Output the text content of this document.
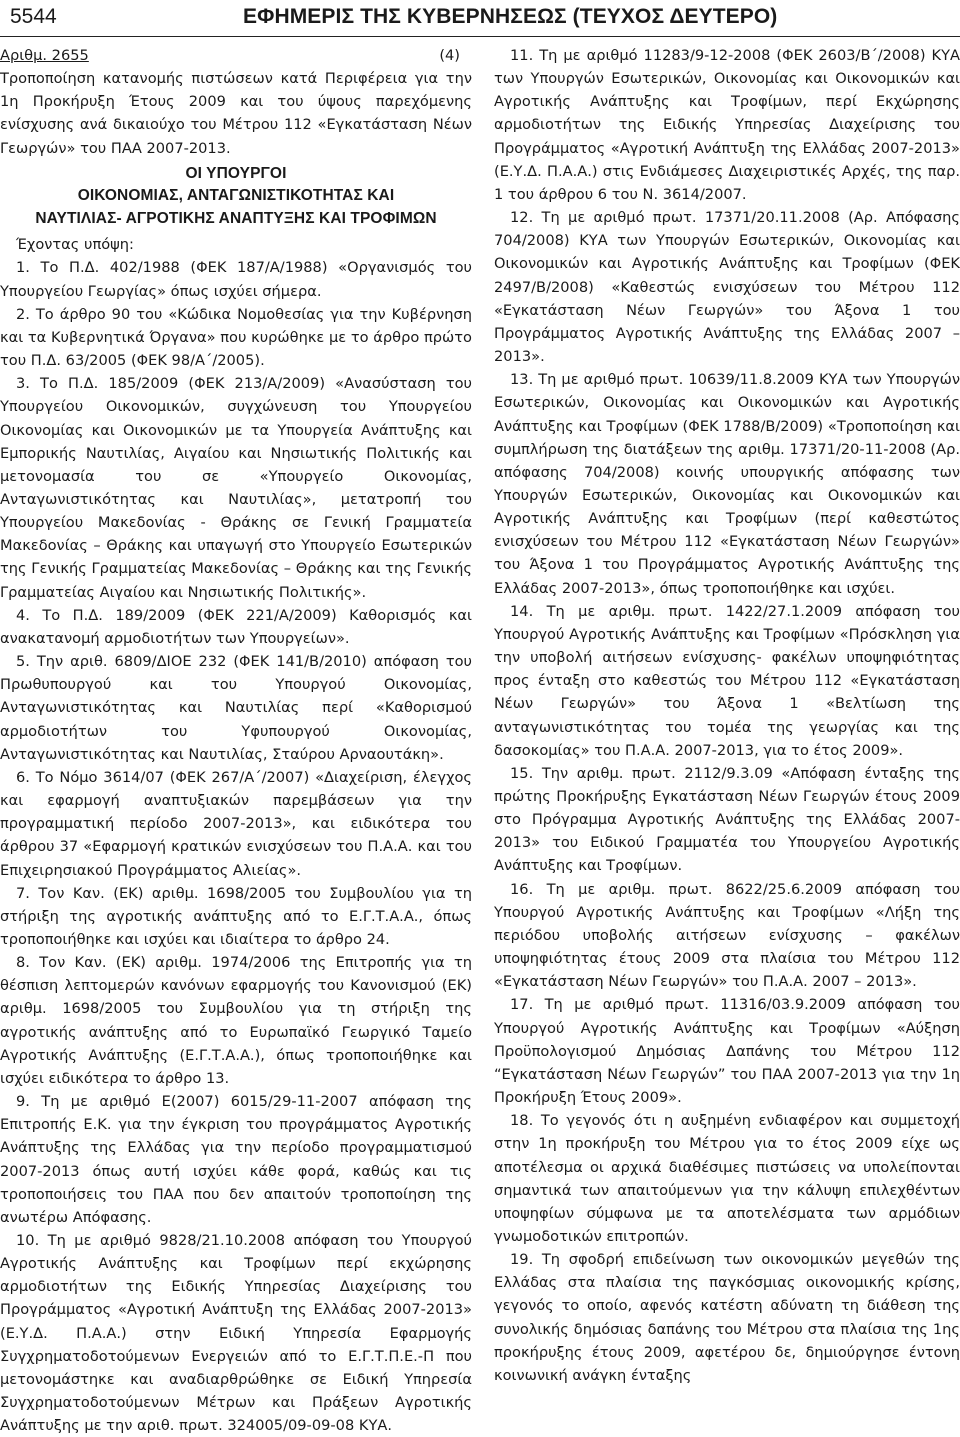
5544	ΕΦΗΜΕΡΙΣ ΤΗΣ ΚΥΒΕΡΝΗΣΕΩΣ (ΤΕΥΧΟΣ ΔΕΥΤΕΡΟ)

Αριθμ. 2655	(4)

Τροποποίηση κατανομής πιστώσεων κατά Περιφέρεια για την 1η Προκήρυξη Έτους 2009 και του ύψους παρεχόμενης ενίσχυσης ανά δικαιούχο του Μέτρου 112 «Εγκατάσταση Νέων Γεωργών» του ΠΑΑ 2007-2013.

ΟΙ ΥΠΟΥΡΓΟΙ
ΟΙΚΟΝΟΜΙΑΣ, ΑΝΤΑΓΩΝΙΣΤΙΚΟΤΗΤΑΣ ΚΑΙ
ΝΑΥΤΙΛΙΑΣ- ΑΓΡΟΤΙΚΗΣ ΑΝΑΠΤΥΞΗΣ ΚΑΙ ΤΡΟΦΙΜΩΝ

Έχοντας υπόψη:

1. Το Π.Δ. 402/1988 (ΦΕΚ 187/Α/1988) «Οργανισμός του Υπουργείου Γεωργίας» όπως ισχύει σήμερα.

2. Το άρθρο 90 του «Κώδικα Νομοθεσίας για την Κυβέρνηση και τα Κυβερνητικά Όργανα» που κυρώθηκε με το άρθρο πρώτο του Π.Δ. 63/2005 (ΦΕΚ 98/Α΄/2005).

3. Το Π.Δ. 185/2009 (ΦΕΚ 213/Α/2009) «Ανασύσταση του Υπουργείου Οικονομικών, συγχώνευση του Υπουργείου Οικονομίας και Οικονομικών με τα Υπουργεία Ανάπτυξης και Εμπορικής Ναυτιλίας, Αιγαίου και Νησιωτικής Πολιτικής και μετονομασία του σε «Υπουργείο Οικονομίας, Ανταγωνιστικότητας και Ναυτιλίας», μετατροπή του Υπουργείου Μακεδονίας - Θράκης σε Γενική Γραμματεία Μακεδονίας – Θράκης και υπαγωγή στο Υπουργείο Εσωτερικών της Γενικής Γραμματείας Μακεδονίας – Θράκης και της Γενικής Γραμματείας Αιγαίου και Νησιωτικής Πολιτικής».

4. Το Π.Δ. 189/2009 (ΦΕΚ 221/Α/2009) Καθορισμός και ανακατανομή αρμοδιοτήτων των Υπουργείων».

5. Την αριθ. 6809/ΔΙΟΕ 232 (ΦΕΚ 141/Β/2010) απόφαση του Πρωθυπουργού και του Υπουργού Οικονομίας, Ανταγωνιστικότητας και Ναυτιλίας περί «Καθορισμού αρμοδιοτήτων του Υφυπουργού Οικονομίας, Ανταγωνιστικότητας και Ναυτιλίας, Σταύρου Αρναουτάκη».

6. Το Νόμο 3614/07 (ΦΕΚ 267/Α΄/2007) «Διαχείριση, έλεγχος και εφαρμογή αναπτυξιακών παρεμβάσεων για την προγραμματική περίοδο 2007-2013», και ειδικότερα του άρθρου 37 «Εφαρμογή κρατικών ενισχύσεων του Π.Α.Α. και του Επιχειρησιακού Προγράμματος Αλιείας».

7. Τον Καν. (ΕΚ) αριθμ. 1698/2005 του Συμβουλίου για τη στήριξη της αγροτικής ανάπτυξης από το Ε.Γ.Τ.Α.Α., όπως τροποποιήθηκε και ισχύει και ιδιαίτερα το άρθρο 24.

8. Τον Καν. (ΕΚ) αριθμ. 1974/2006 της Επιτροπής για τη θέσπιση λεπτομερών κανόνων εφαρμογής του Κανονισμού (ΕΚ) αριθμ. 1698/2005 του Συμβουλίου για τη στήριξη της αγροτικής ανάπτυξης από το Ευρωπαϊκό Γεωργικό Ταμείο Αγροτικής Ανάπτυξης (Ε.Γ.Τ.Α.Α.), όπως τροποποιήθηκε και ισχύει ειδικότερα το άρθρο 13.

9. Τη με αριθμό Ε(2007) 6015/29-11-2007 απόφαση της Επιτροπής Ε.Κ. για την έγκριση του προγράμματος Αγροτικής Ανάπτυξης της Ελλάδας για την περίοδο προγραμματισμού 2007-2013 όπως αυτή ισχύει κάθε φορά, καθώς και τις τροποποιήσεις του ΠΑΑ που δεν απαιτούν τροποποίηση της ανωτέρω Απόφασης.

10. Τη με αριθμό 9828/21.10.2008 απόφαση του Υπουργού Αγροτικής Ανάπτυξης και Τροφίμων περί εκχώρησης αρμοδιοτήτων της Ειδικής Υπηρεσίας Διαχείρισης του Προγράμματος «Αγροτική Ανάπτυξη της Ελλάδας 2007-2013» (Ε.Υ.Δ. Π.Α.Α.) στην Ειδική Υπηρεσία Εφαρμογής Συγχρηματοδοτούμενων Ενεργειών από το Ε.Γ.Τ.Π.Ε.-Π που μετονομάστηκε και αναδιαρθρώθηκε σε Ειδική Υπηρεσία Συγχρηματοδοτούμενων Μέτρων και Πράξεων Αγροτικής Ανάπτυξης με την αριθ. πρωτ. 324005/09-09-08 ΚΥΑ.

11. Τη με αριθμό 11283/9-12-2008 (ΦΕΚ 2603/Β΄/2008) ΚΥΑ των Υπουργών Εσωτερικών, Οικονομίας και Οικονομικών και Αγροτικής Ανάπτυξης και Τροφίμων, περί Εκχώρησης αρμοδιοτήτων της Ειδικής Υπηρεσίας Διαχείρισης του Προγράμματος «Αγροτική Ανάπτυξη της Ελλάδας 2007-2013» (Ε.Υ.Δ. Π.Α.Α.) στις Ενδιάμεσες Διαχειριστικές Αρχές, της παρ. 1 του άρθρου 6 του Ν. 3614/2007.

12. Τη με αριθμό πρωτ. 17371/20.11.2008 (Αρ. Απόφασης 704/2008) ΚΥΑ των Υπουργών Εσωτερικών, Οικονομίας και Οικονομικών και Αγροτικής Ανάπτυξης και Τροφίμων (ΦΕΚ 2497/Β/2008) «Καθεστώς ενισχύσεων του Μέτρου 112 «Εγκατάσταση Νέων Γεωργών» του Άξονα 1 του Προγράμματος Αγροτικής Ανάπτυξης της Ελλάδας 2007 – 2013».

13. Τη με αριθμό πρωτ. 10639/11.8.2009 ΚΥΑ των Υπουργών Εσωτερικών, Οικονομίας και Οικονομικών και Αγροτικής Ανάπτυξης και Τροφίμων (ΦΕΚ 1788/Β/2009) «Τροποποίηση και συμπλήρωση της διατάξεων της αριθμ. 17371/20-11-2008 (Αρ. απόφασης 704/2008) κοινής υπουργικής απόφασης των Υπουργών Εσωτερικών, Οικονομίας και Οικονομικών και Αγροτικής Ανάπτυξης και Τροφίμων (περί καθεστώτος ενισχύσεων του Μέτρου 112 «Εγκατάσταση Νέων Γεωργών» του Άξονα 1 του Προγράμματος Αγροτικής Ανάπτυξης της Ελλάδας 2007-2013», όπως τροποποιήθηκε και ισχύει.

14. Τη με αριθμ. πρωτ. 1422/27.1.2009 απόφαση του Υπουργού Αγροτικής Ανάπτυξης και Τροφίμων «Πρόσκληση για την υποβολή αιτήσεων ενίσχυσης- φακέλων υποψηφιότητας προς ένταξη στο καθεστώς του Μέτρου 112 «Εγκατάσταση Νέων Γεωργών» του Άξονα 1 «Βελτίωση της ανταγωνιστικότητας του τομέα της γεωργίας και της δασοκομίας» του Π.Α.Α. 2007-2013, για το έτος 2009».

15. Την αριθμ. πρωτ. 2112/9.3.09 «Απόφαση ένταξης της πρώτης Προκήρυξης Εγκατάσταση Νέων Γεωργών έτους 2009 στο Πρόγραμμα Αγροτικής Ανάπτυξης της Ελλάδας 2007-2013» του Ειδικού Γραμματέα του Υπουργείου Αγροτικής Ανάπτυξης και Τροφίμων.

16. Τη με αριθμ. πρωτ. 8622/25.6.2009 απόφαση του Υπουργού Αγροτικής Ανάπτυξης και Τροφίμων «Λήξη της περιόδου υποβολής αιτήσεων ενίσχυσης – φακέλων υποψηφιότητας έτους 2009 στα πλαίσια του Μέτρου 112 «Εγκατάσταση Νέων Γεωργών» του Π.Α.Α. 2007 – 2013».

17. Τη με αριθμό πρωτ. 11316/03.9.2009 απόφαση του Υπουργού Αγροτικής Ανάπτυξης και Τροφίμων «Αύξηση Προϋπολογισμού Δημόσιας Δαπάνης του Μέτρου 112 “Εγκατάσταση Νέων Γεωργών” του ΠΑΑ 2007-2013 για την 1η Προκήρυξη Έτους 2009».

18. Το γεγονός ότι η αυξημένη ενδιαφέρον και συμμετοχή στην 1η προκήρυξη του Μέτρου για το έτος 2009 είχε ως αποτέλεσμα οι αρχικά διαθέσιμες πιστώσεις να υπολείπονται σημαντικά των απαιτούμενων για την κάλυψη επιλεχθέντων υποψηφίων σύμφωνα με τα αποτελέσματα των αρμόδιων γνωμοδοτικών επιτροπών.

19. Τη σφοδρή επιδείνωση των οικονομικών μεγεθών της Ελλάδας στα πλαίσια της παγκόσμιας οικονομικής κρίσης, γεγονός το οποίο, αφενός κατέστη αδύνατη τη διάθεση της συνολικής δημόσιας δαπάνης του Μέτρου στα πλαίσια της 1ης προκήρυξης έτους 2009, αφετέρου δε, δημιούργησε έντονη κοινωνική ανάγκη ένταξης
